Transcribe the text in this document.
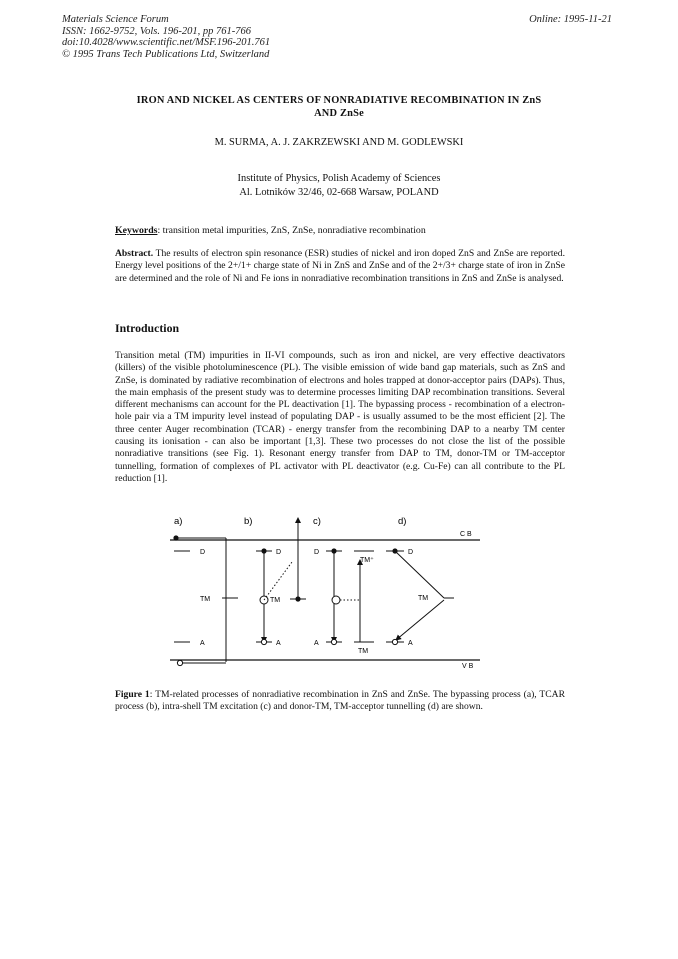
Materials Science Forum
ISSN: 1662-9752, Vols. 196-201, pp 761-766
doi:10.4028/www.scientific.net/MSF.196-201.761
© 1995 Trans Tech Publications Ltd, Switzerland
Online: 1995-11-21
IRON AND NICKEL AS CENTERS OF NONRADIATIVE RECOMBINATION IN ZnS
AND ZnSe
M. SURMA, A. J. ZAKRZEWSKI AND M. GODLEWSKI
Institute of Physics, Polish Academy of Sciences
Al. Lotników 32/46, 02-668 Warsaw, POLAND
Keywords: transition metal impurities, ZnS, ZnSe, nonradiative recombination
Abstract. The results of electron spin resonance (ESR) studies of nickel and iron doped ZnS and ZnSe are reported. Energy level positions of the 2+/1+ charge state of Ni in ZnS and ZnSe and of the 2+/3+ charge state of iron in ZnSe are determined and the role of Ni and Fe ions in nonradiative recombination transitions in ZnS and ZnSe is analysed.
Introduction
Transition metal (TM) impurities in II-VI compounds, such as iron and nickel, are very effective deactivators (killers) of the visible photoluminescence (PL). The visible emission of wide band gap materials, such as ZnS and ZnSe, is dominated by radiative recombination of electrons and holes trapped at donor-acceptor pairs (DAPs). Thus, the main emphasis of the present study was to determine processes limiting DAP recombination transitions. Several different mechanisms can account for the PL deactivation [1]. The bypassing process - recombination of a electron-hole pair via a TM impurity level instead of populating DAP - is usually assumed to be the most efficient [2]. The three center Auger recombination (TCAR) - energy transfer from the recombining DAP to a nearby TM center causing its ionisation - can also be important [1,3]. These two processes do not close the list of the possible nonradiative transitions (see Fig. 1). Resonant energy transfer from DAP to TM, donor-TM or TM-acceptor tunnelling, formation of complexes of PL activator with PL deactivator (e.g. Cu-Fe) can all contribute to the PL reduction [1].
a)	b)	c)	d)
C B
V B
D
TM
A
D
A
TM
D
A
TM⁺
TM
D
TM
A
Figure 1: TM-related processes of nonradiative recombination in ZnS and ZnSe. The bypassing process (a), TCAR process (b), intra-shell TM excitation (c) and donor-TM, TM-acceptor tunnelling (d) are shown.
